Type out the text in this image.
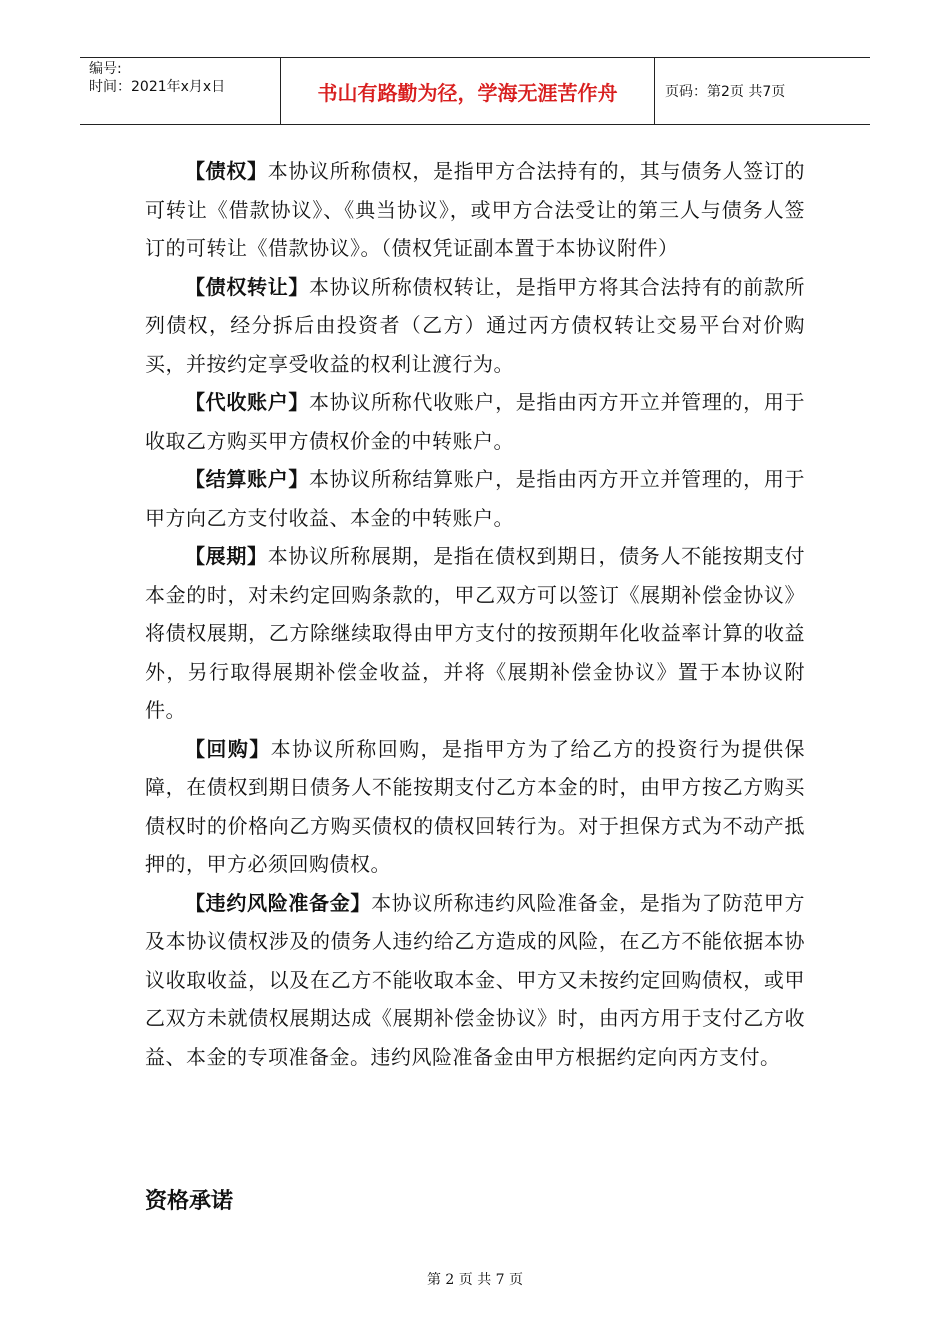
编号:
时间：2021年x月x日	书山有路勤为径，学海无涯苦作舟	页码：第2页 共7页

【债权】本协议所称债权，是指甲方合法持有的，其与债务人签订的可转让《借款协议》、《典当协议》，或甲方合法受让的第三人与债务人签订的可转让《借款协议》。（债权凭证副本置于本协议附件）

【债权转让】本协议所称债权转让，是指甲方将其合法持有的前款所列债权，经分拆后由投资者（乙方）通过丙方债权转让交易平台对价购买，并按约定享受收益的权利让渡行为。

【代收账户】本协议所称代收账户，是指由丙方开立并管理的，用于收取乙方购买甲方债权价金的中转账户。

【结算账户】本协议所称结算账户，是指由丙方开立并管理的，用于甲方向乙方支付收益、本金的中转账户。

【展期】本协议所称展期，是指在债权到期日，债务人不能按期支付本金的时，对未约定回购条款的，甲乙双方可以签订《展期补偿金协议》将债权展期，乙方除继续取得由甲方支付的按预期年化收益率计算的收益外，另行取得展期补偿金收益，并将《展期补偿金协议》置于本协议附件。

【回购】本协议所称回购，是指甲方为了给乙方的投资行为提供保障，在债权到期日债务人不能按期支付乙方本金的时，由甲方按乙方购买债权时的价格向乙方购买债权的债权回转行为。对于担保方式为不动产抵押的，甲方必须回购债权。

【违约风险准备金】本协议所称违约风险准备金，是指为了防范甲方及本协议债权涉及的债务人违约给乙方造成的风险，在乙方不能依据本协议收取收益，以及在乙方不能收取本金、甲方又未按约定回购债权，或甲乙双方未就债权展期达成《展期补偿金协议》时，由丙方用于支付乙方收益、本金的专项准备金。违约风险准备金由甲方根据约定向丙方支付。

资格承诺
第 2 页 共 7 页
